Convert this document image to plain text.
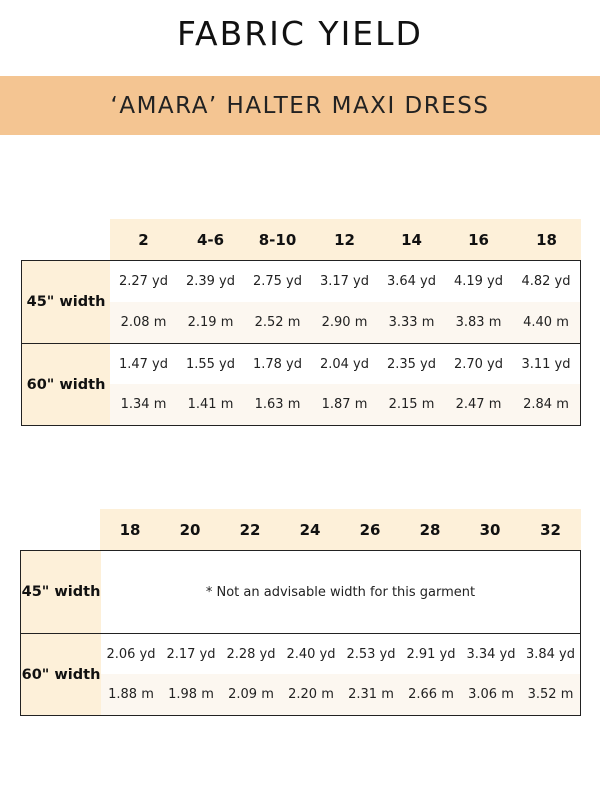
FABRIC YIELD
‘AMARA’ HALTER MAXI DRESS
2	4-6	8-10	12	14	16	18
45" width
2.27 yd	2.39 yd	2.75 yd	3.17 yd	3.64 yd	4.19 yd	4.82 yd
2.08 m	2.19 m	2.52 m	2.90 m	3.33 m	3.83 m	4.40 m
60" width
1.47 yd	1.55 yd	1.78 yd	2.04 yd	2.35 yd	2.70 yd	3.11 yd
1.34 m	1.41 m	1.63 m	1.87 m	2.15 m	2.47 m	2.84 m
18	20	22	24	26	28	30	32
45" width	* Not an advisable width for this garment
60" width
2.06 yd 2.17 yd 2.28 yd 2.40 yd 2.53 yd 2.91 yd 3.34 yd 3.84 yd
1.88 m	1.98 m	2.09 m	2.20 m	2.31 m	2.66 m	3.06 m	3.52 m
